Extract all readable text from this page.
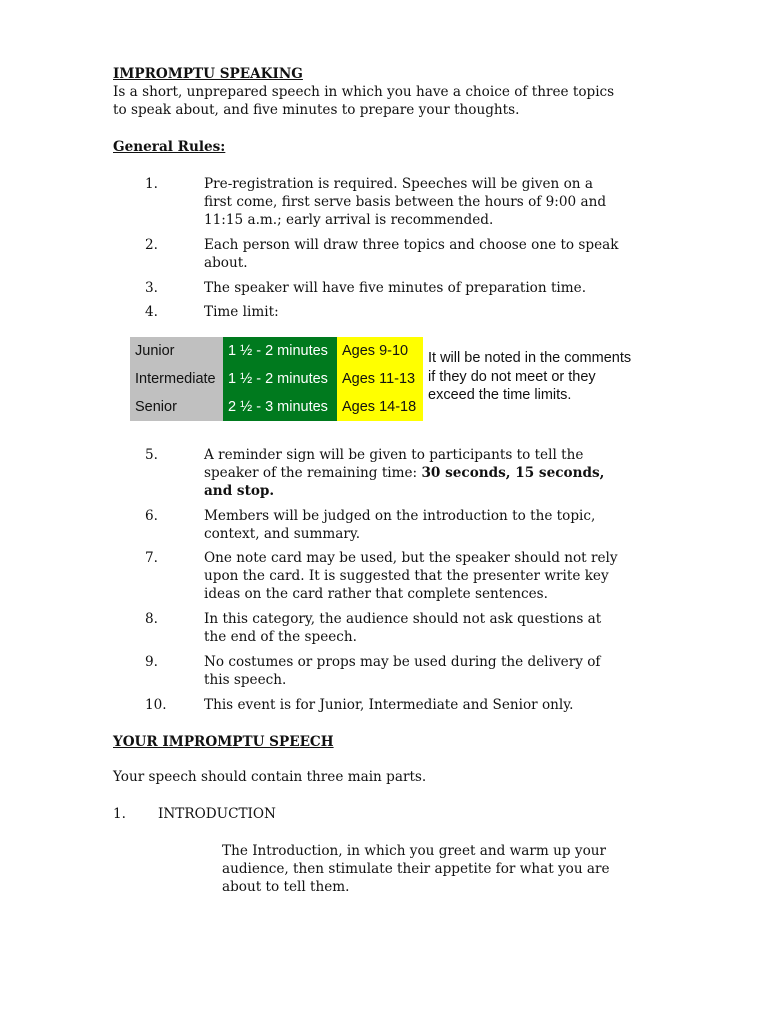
IMPROMPTU SPEAKING
Is a short, unprepared speech in which you have a choice of three topics
to speak about, and five minutes to prepare your thoughts.
General Rules:
1.	Pre-registration is required. Speeches will be given on a
first come, first serve basis between the hours of 9:00 and
11:15 a.m.; early arrival is recommended.
2.	Each person will draw three topics and choose one to speak
about.
3.	The speaker will have five minutes of preparation time.
4.	Time limit:
Junior	1 ½ - 2 minutes Ages 9-10
Intermediate 1 ½ - 2 minutes Ages 11-13
Senior	2 ½ - 3 minutes Ages 14-18
It will be noted in the comments if they do not meet or they exceed the time limits.
5.	A reminder sign will be given to participants to tell the
speaker of the remaining time: 30 seconds, 15 seconds,
and stop.
6.	Members will be judged on the introduction to the topic,
context, and summary.
7.	One note card may be used, but the speaker should not rely
upon the card. It is suggested that the presenter write key
ideas on the card rather that complete sentences.
8.	In this category, the audience should not ask questions at
the end of the speech.
9.	No costumes or props may be used during the delivery of
this speech.
10.	This event is for Junior, Intermediate and Senior only.
YOUR IMPROMPTU SPEECH
Your speech should contain three main parts.
1. INTRODUCTION
The Introduction, in which you greet and warm up your
audience, then stimulate their appetite for what you are
about to tell them.
